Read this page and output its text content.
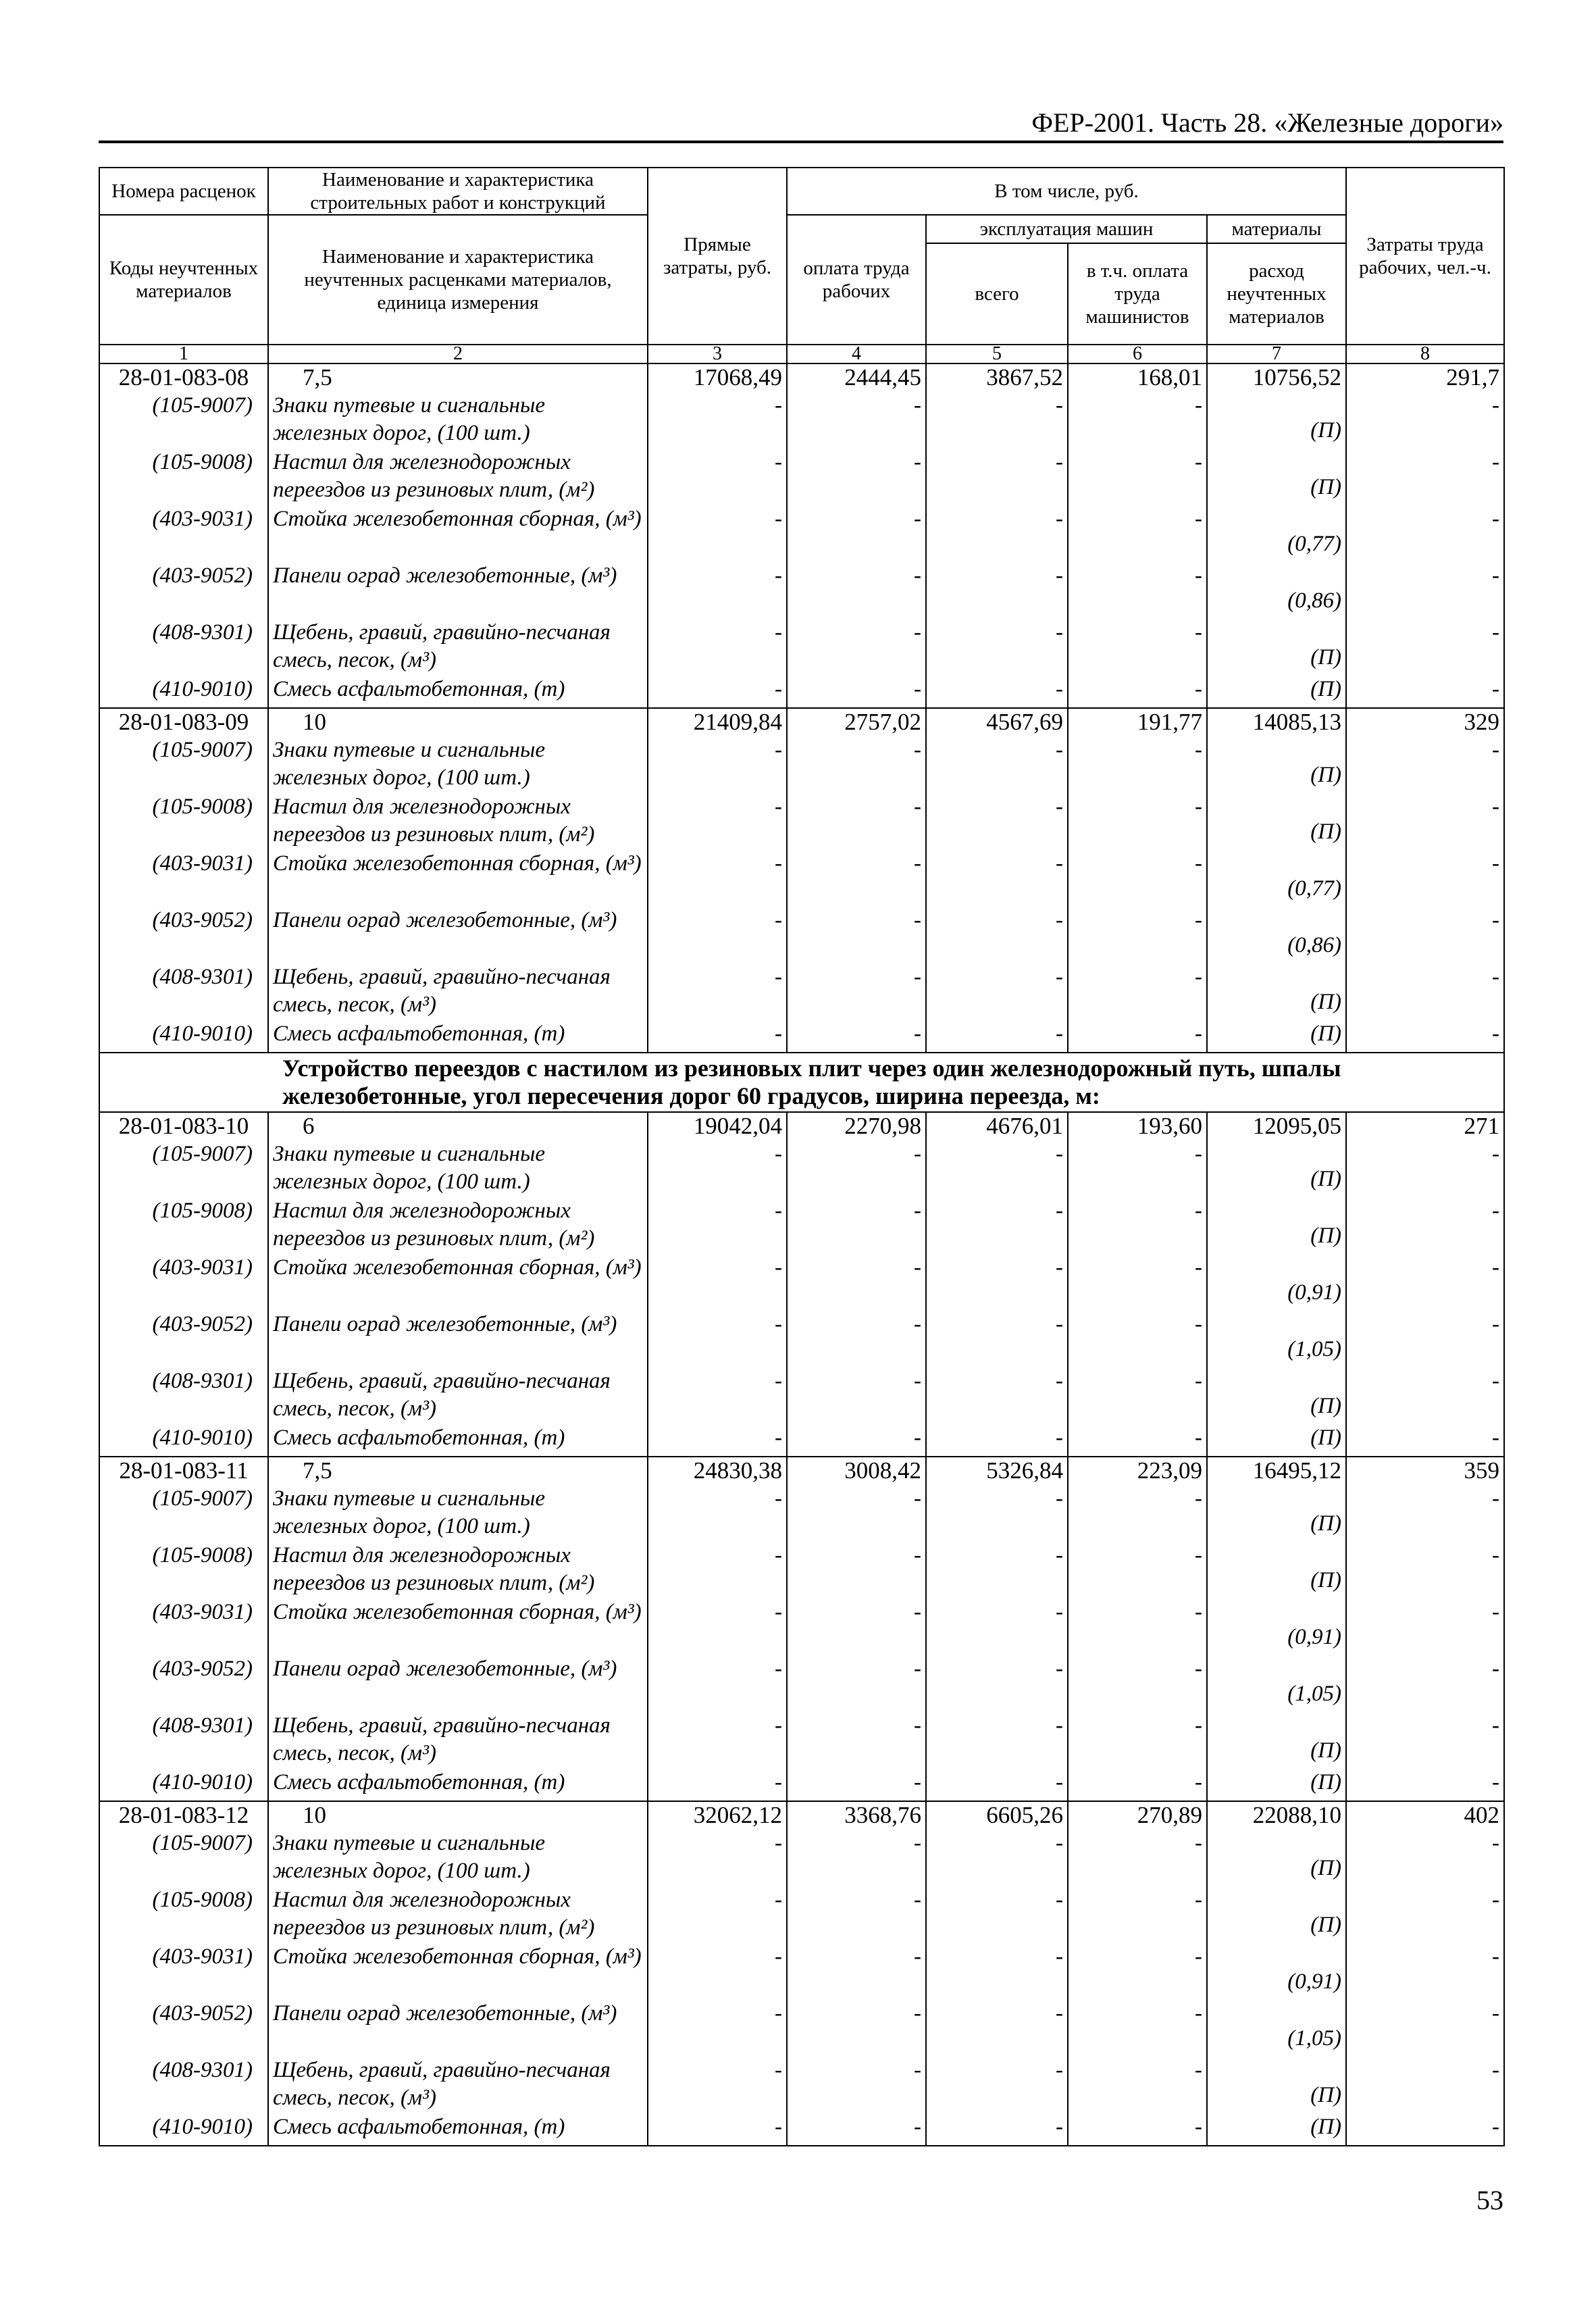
ФЕР-2001. Часть 28. «Железные дороги»
Номера расценок	Наименование и характеристика строительных работ и конструкций	Прямые затраты, руб.	В том числе, руб.				Затраты труда рабочих, чел.-ч.
Коды неучтенных материалов	Наименование и характеристика неучтенных расценками материалов, единица измерения		оплата труда рабочих	эксплуатация машин		материалы	
				всего	в т.ч. оплата труда машинистов	расход неучтенных материалов	
1	2	3	4	5	6	7	8
28-01-083-08	7,5	17068,49	2444,45	3867,52	168,01	10756,52	291,7
(105-9007)	Знаки путевые и сигнальные железных дорог, (100 шт.)	-	-	-	-	(П)	-
(105-9008)	Настил для железнодорожных переездов из резиновых плит, (м²)	-	-	-	-	(П)	-
(403-9031)	Стойка железобетонная сборная, (м³)	-	-	-	-	(0,77)	-
(403-9052)	Панели оград железобетонные, (м³)	-	-	-	-	(0,86)	-
(408-9301)	Щебень, гравий, гравийно-песчаная смесь, песок, (м³)	-	-	-	-	(П)	-
(410-9010)	Смесь асфальтобетонная, (т)	-	-	-	-	(П)	-
28-01-083-09	10	21409,84	2757,02	4567,69	191,77	14085,13	329
(105-9007)	Знаки путевые и сигнальные железных дорог, (100 шт.)	-	-	-	-	(П)	-
(105-9008)	Настил для железнодорожных переездов из резиновых плит, (м²)	-	-	-	-	(П)	-
(403-9031)	Стойка железобетонная сборная, (м³)	-	-	-	-	(0,77)	-
(403-9052)	Панели оград железобетонные, (м³)	-	-	-	-	(0,86)	-
(408-9301)	Щебень, гравий, гравийно-песчаная смесь, песок, (м³)	-	-	-	-	(П)	-
(410-9010)	Смесь асфальтобетонная, (т)	-	-	-	-	(П)	-
Устройство переездов с настилом из резиновых плит через один железнодорожный путь, шпалы железобетонные, угол пересечения дорог 60 градусов, ширина переезда, м:							
28-01-083-10	6	19042,04	2270,98	4676,01	193,60	12095,05	271
(105-9007)	Знаки путевые и сигнальные железных дорог, (100 шт.)	-	-	-	-	(П)	-
(105-9008)	Настил для железнодорожных переездов из резиновых плит, (м²)	-	-	-	-	(П)	-
(403-9031)	Стойка железобетонная сборная, (м³)	-	-	-	-	(0,91)	-
(403-9052)	Панели оград железобетонные, (м³)	-	-	-	-	(1,05)	-
(408-9301)	Щебень, гравий, гравийно-песчаная смесь, песок, (м³)	-	-	-	-	(П)	-
(410-9010)	Смесь асфальтобетонная, (т)	-	-	-	-	(П)	-
28-01-083-11	7,5	24830,38	3008,42	5326,84	223,09	16495,12	359
(105-9007)	Знаки путевые и сигнальные железных дорог, (100 шт.)	-	-	-	-	(П)	-
(105-9008)	Настил для железнодорожных переездов из резиновых плит, (м²)	-	-	-	-	(П)	-
(403-9031)	Стойка железобетонная сборная, (м³)	-	-	-	-	(0,91)	-
(403-9052)	Панели оград железобетонные, (м³)	-	-	-	-	(1,05)	-
(408-9301)	Щебень, гравий, гравийно-песчаная смесь, песок, (м³)	-	-	-	-	(П)	-
(410-9010)	Смесь асфальтобетонная, (т)	-	-	-	-	(П)	-
28-01-083-12	10	32062,12	3368,76	6605,26	270,89	22088,10	402
(105-9007)	Знаки путевые и сигнальные железных дорог, (100 шт.)	-	-	-	-	(П)	-
(105-9008)	Настил для железнодорожных переездов из резиновых плит, (м²)	-	-	-	-	(П)	-
(403-9031)	Стойка железобетонная сборная, (м³)	-	-	-	-	(0,91)	-
(403-9052)	Панели оград железобетонные, (м³)	-	-	-	-	(1,05)	-
(408-9301)	Щебень, гравий, гравийно-песчаная смесь, песок, (м³)	-	-	-	-	(П)	-
(410-9010)	Смесь асфальтобетонная, (т)	-	-	-	-	(П)	-
53
